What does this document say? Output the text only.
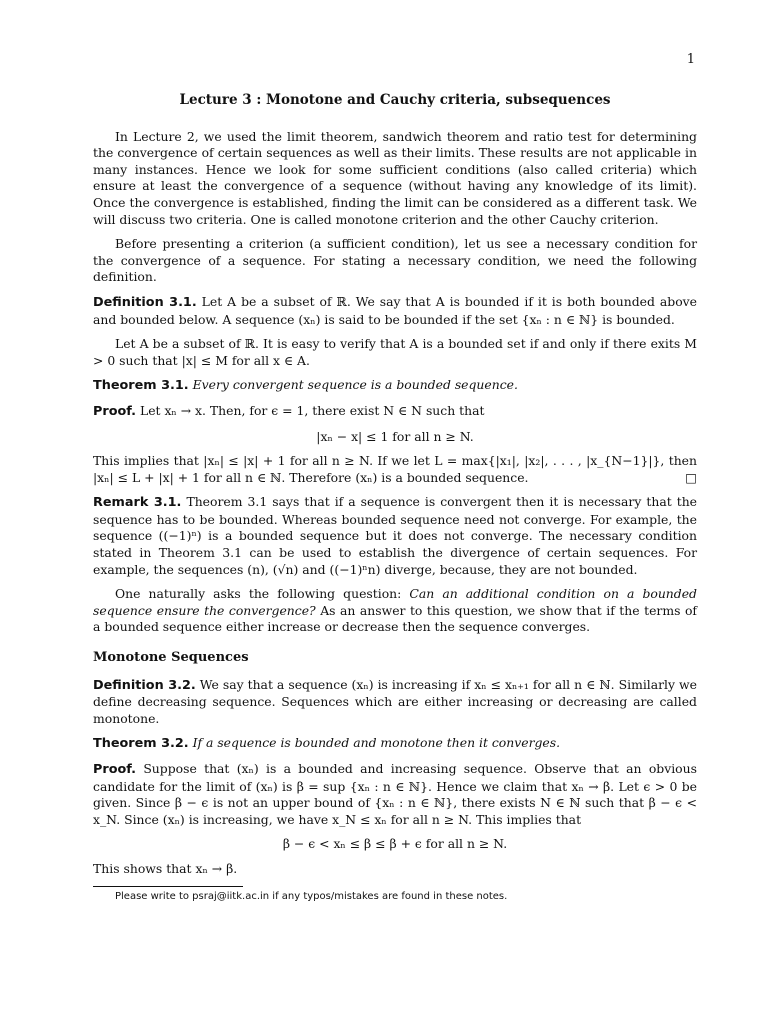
1
Lecture 3 : Monotone and Cauchy criteria, subsequences

In Lecture 2, we used the limit theorem, sandwich theorem and ratio test for determining the convergence of certain sequences as well as their limits. These results are not applicable in many instances. Hence we look for some sufficient conditions (also called criteria) which ensure at least the convergence of a sequence (without having any knowledge of its limit). Once the convergence is established, finding the limit can be considered as a different task. We will discuss two criteria. One is called monotone criterion and the other Cauchy criterion.

Before presenting a criterion (a sufficient condition), let us see a necessary condition for the convergence of a sequence. For stating a necessary condition, we need the following definition.

Definition 3.1. Let A be a subset of ℝ. We say that A is bounded if it is both bounded above and bounded below. A sequence (xₙ) is said to be bounded if the set {xₙ : n ∈ ℕ} is bounded.

Let A be a subset of ℝ. It is easy to verify that A is a bounded set if and only if there exits M > 0 such that |x| ≤ M for all x ∈ A.

Theorem 3.1. Every convergent sequence is a bounded sequence.

Proof. Let xₙ → x. Then, for ϵ = 1, there exist N ∈ N such that

|xₙ − x| ≤ 1 for all n ≥ N.

This implies that |xₙ| ≤ |x| + 1 for all n ≥ N. If we let L = max{|x₁|, |x₂|, . . . , |x_{N−1}|}, then |xₙ| ≤ L + |x| + 1 for all n ∈ ℕ. Therefore (xₙ) is a bounded sequence.	□

Remark 3.1. Theorem 3.1 says that if a sequence is convergent then it is necessary that the sequence has to be bounded. Whereas bounded sequence need not converge. For example, the sequence ((−1)ⁿ) is a bounded sequence but it does not converge. The necessary condition stated in Theorem 3.1 can be used to establish the divergence of certain sequences. For example, the sequences (n), (√n) and ((−1)ⁿn) diverge, because, they are not bounded.

One naturally asks the following question: Can an additional condition on a bounded sequence ensure the convergence? As an answer to this question, we show that if the terms of a bounded sequence either increase or decrease then the sequence converges.

Monotone Sequences

Definition 3.2. We say that a sequence (xₙ) is increasing if xₙ ≤ xₙ₊₁ for all n ∈ ℕ. Similarly we define decreasing sequence. Sequences which are either increasing or decreasing are called monotone.

Theorem 3.2. If a sequence is bounded and monotone then it converges.

Proof. Suppose that (xₙ) is a bounded and increasing sequence. Observe that an obvious candidate for the limit of (xₙ) is β = sup {xₙ : n ∈ ℕ}. Hence we claim that xₙ → β. Let ϵ > 0 be given. Since β − ϵ is not an upper bound of {xₙ : n ∈ ℕ}, there exists N ∈ ℕ such that β − ϵ < x_N. Since (xₙ) is increasing, we have x_N ≤ xₙ for all n ≥ N. This implies that

β − ϵ < xₙ ≤ β ≤ β + ϵ for all n ≥ N.

This shows that xₙ → β.

Please write to psraj@iitk.ac.in if any typos/mistakes are found in these notes.
